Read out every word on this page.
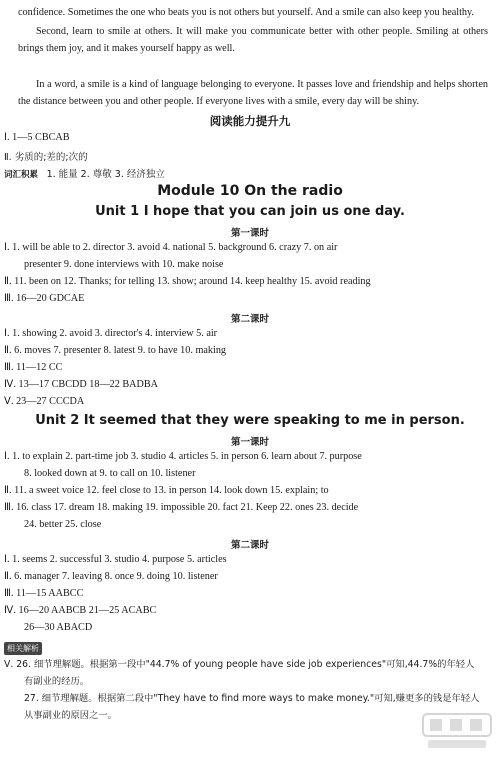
confidence. Sometimes the one who beats you is not others but yourself. And a smile can also keep you healthy.
Second, learn to smile at others. It will make you communicate better with other people. Smiling at others brings them joy, and it makes yourself happy as well.
In a word, a smile is a kind of language belonging to everyone. It passes love and friendship and helps shorten the distance between you and other people. If everyone lives with a smile, every day will be shiny.
阅读能力提升九
Ⅰ. 1—5 CBCAB
Ⅱ. 劣质的;差的;次的
词汇积累 1. 能量 2. 尊敬 3. 经济独立
Module 10 On the radio
Unit 1 I hope that you can join us one day.
第一课时
Ⅰ. 1. will be able to 2. director 3. avoid 4. national 5. background 6. crazy 7. on air
presenter 9. done interviews with 10. make noise
Ⅱ. 11. been on 12. Thanks; for telling 13. show; around 14. keep healthy 15. avoid reading
Ⅲ. 16—20 GDCAE
第二课时
Ⅰ. 1. showing 2. avoid 3. director's 4. interview 5. air
Ⅱ. 6. moves 7. presenter 8. latest 9. to have 10. making
Ⅲ. 11—12 CC
Ⅳ. 13—17 CBCDD 18—22 BADBA
Ⅴ. 23—27 CCCDA
Unit 2 It seemed that they were speaking to me in person.
第一课时
Ⅰ. 1. to explain 2. part-time job 3. studio 4. articles 5. in person 6. learn about 7. purpose
8. looked down at 9. to call on 10. listener
Ⅱ. 11. a sweet voice 12. feel close to 13. in person 14. look down 15. explain; to
Ⅲ. 16. class 17. dream 18. making 19. impossible 20. fact 21. Keep 22. ones 23. decide
24. better 25. close
第二课时
Ⅰ. 1. seems 2. successful 3. studio 4. purpose 5. articles
Ⅱ. 6. manager 7. leaving 8. once 9. doing 10. listener
Ⅲ. 11—15 AABCC
Ⅳ. 16—20 AABCB 21—25 ACABC
26—30 ABACD
相关解析
Ⅴ. 26. 细节理解题。根据第一段中"44.7% of young people have side job experiences"可知,44.7%的年轻人
有副业的经历。
27. 细节理解题。根据第二段中"They have to find more ways to make money."可知,赚更多的钱是年轻人
从事副业的原因之一。
